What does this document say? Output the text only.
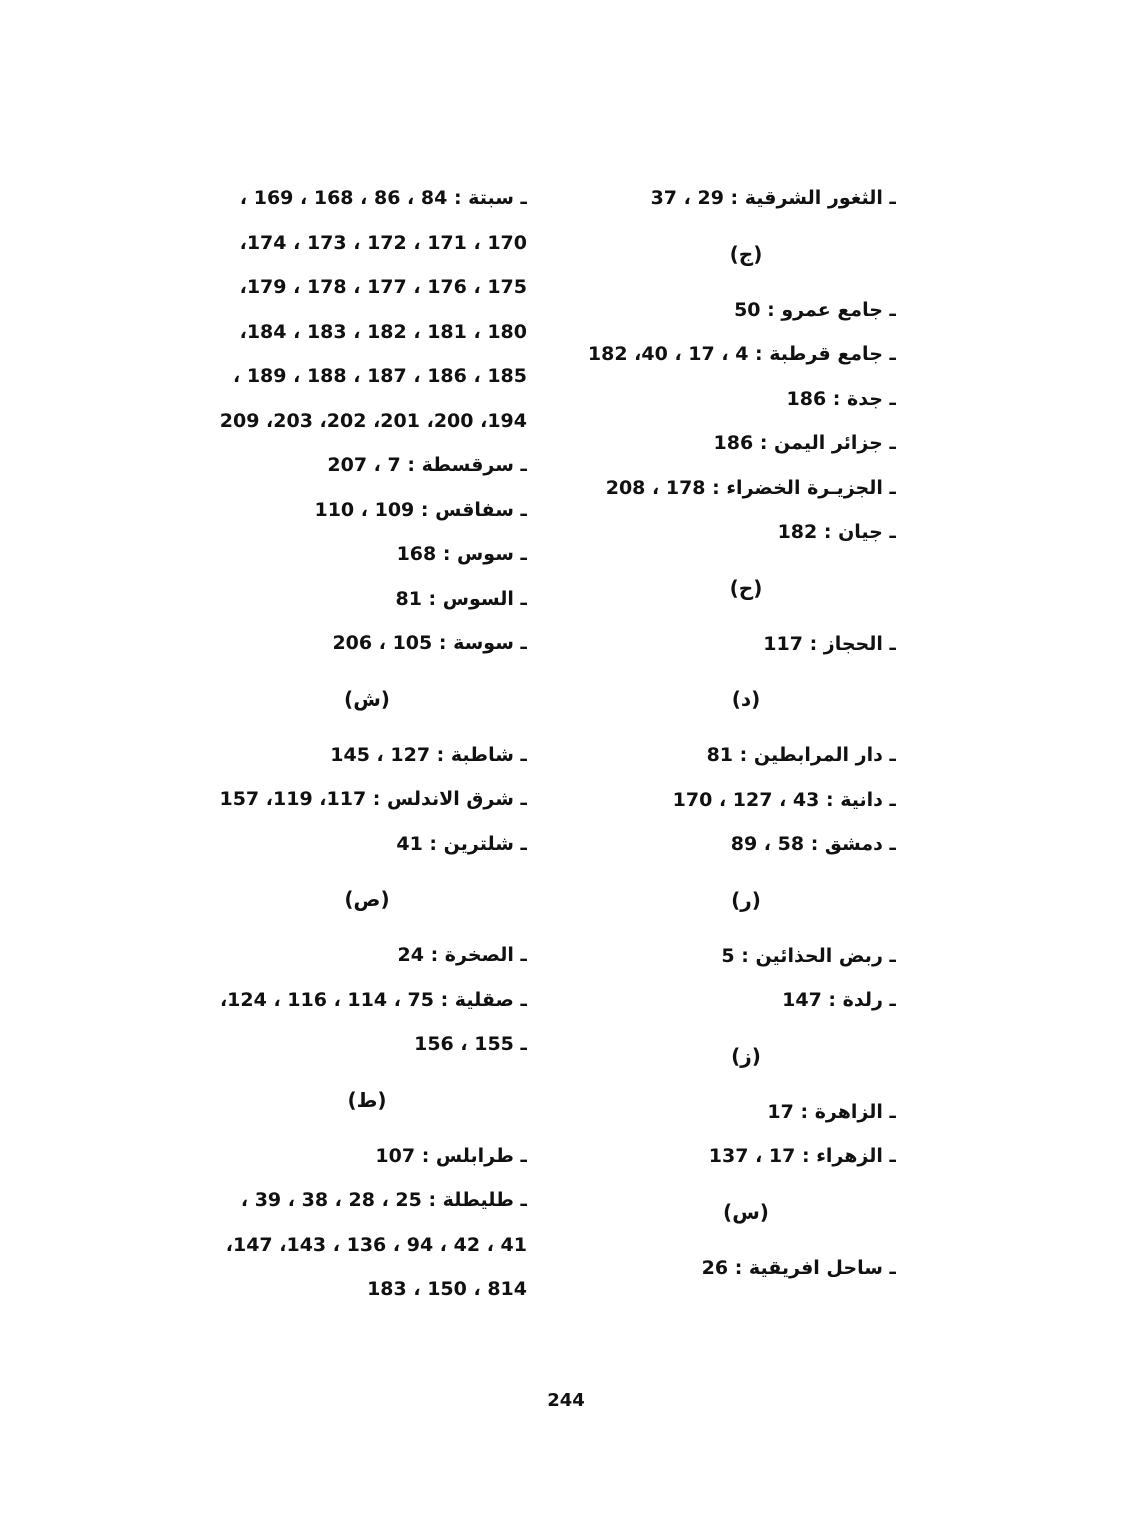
ـ الثغور الشرقية : 29 ، 37
(ج)
ـ جامع عمرو : 50
ـ جامع قرطبة : 4 ، 17 ، 40، 182
ـ جدة : 186
ـ جزائر اليمن : 186
ـ الجزيـرة الخضراء : 178 ، 208
ـ جيان : 182
(ح)
ـ الحجاز : 117
(د)
ـ دار المرابطين : 81
ـ دانية : 43 ، 127 ، 170
ـ دمشق : 58 ، 89
(ر)
ـ ربض الحذائين : 5
ـ رلدة : 147
(ز)
ـ الزاهرة : 17
ـ الزهراء : 17 ، 137
(س)
ـ ساحل افريقية : 26
ـ سبتة : 84 ، 86 ، 168 ، 169 ،
170 ، 171 ، 172 ، 173 ، 174،
175 ، 176 ، 177 ، 178 ، 179،
180 ، 181 ، 182 ، 183 ، 184،
185 ، 186 ، 187 ، 188 ، 189 ،
194، 200، 201، 202، 203، 209
ـ سرقسطة : 7 ، 207
ـ سفاقس : 109 ، 110
ـ سوس : 168
ـ السوس : 81
ـ سوسة : 105 ، 206
(ش)
ـ شاطبة : 127 ، 145
ـ شرق الاندلس : 117، 119، 157
ـ شلترين : 41
(ص)
ـ الصخرة : 24
ـ صقلية : 75 ، 114 ، 116 ، 124،
ـ 155 ، 156
(ط)
ـ طرابلس : 107
ـ طليطلة : 25 ، 28 ، 38 ، 39 ،
41 ، 42 ، 94 ، 136 ، 143، 147،
814 ، 150 ، 183
244
